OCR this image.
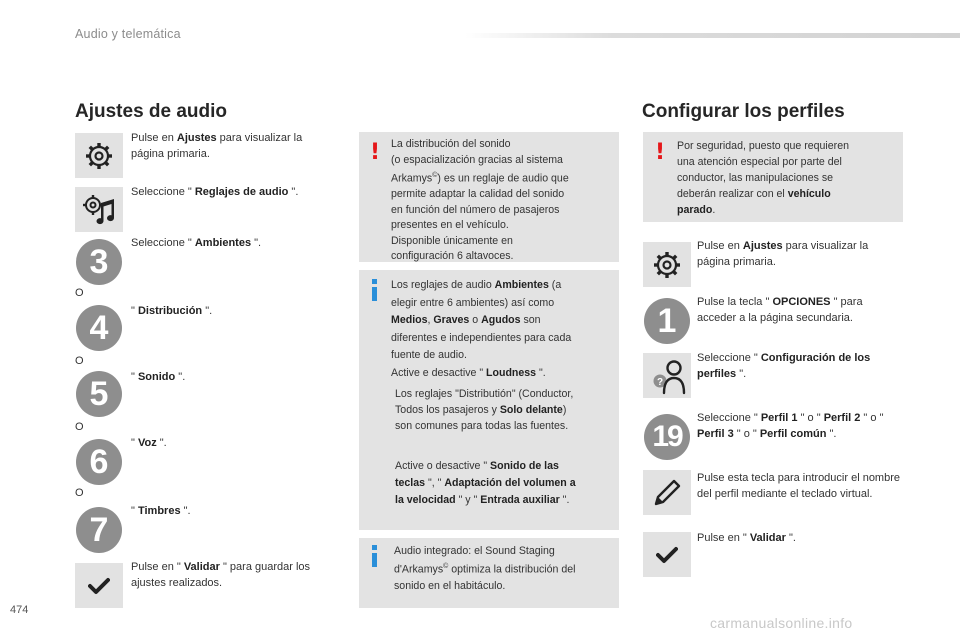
Audio y telemática
Ajustes de audio
Pulse en Ajustes para visualizar la página primaria.
Seleccione " Reglajes de audio ".
3	Seleccione " Ambientes ".
O
4	" Distribución ".
O
5	" Sonido ".
O
6	" Voz ".
O
7	" Timbres ".
Pulse en " Validar " para guardar los ajustes realizados.
! La distribución del sonido
(o espacialización gracias al sistema
Arkamys©) es un reglaje de audio que
permite adaptar la calidad del sonido
en función del número de pasajeros
presentes en el vehículo.
Disponible únicamente en
configuración 6 altavoces.
Los reglajes de audio Ambientes (a
elegir entre 6 ambientes) así como
Medios, Graves o Agudos son
diferentes e independientes para cada
fuente de audio.
Active e desactive " Loudness ".
Los reglajes "Distributión" (Conductor,
Todos los pasajeros y Solo delante)
son comunes para todas las fuentes.
Active o desactive " Sonido de las
teclas ", " Adaptación del volumen a
la velocidad " y " Entrada auxiliar ".
Audio integrado: el Sound Staging
d'Arkamys© optimiza la distribución del
sonido en el habitáculo.
Configurar los perfiles
! Por seguridad, puesto que requieren
una atención especial por parte del
conductor, las manipulaciones se
deberán realizar con el vehículo
parado.
Pulse en Ajustes para visualizar la página primaria.
1	Pulse la tecla " OPCIONES " para acceder a la página secundaria.
?
Seleccione " Configuración de los perfiles ".
19
Seleccione " Perfil 1 " o " Perfil 2 " o " Perfil 3 " o " Perfil común ".
Pulse esta tecla para introducir el nombre del perfil mediante el teclado virtual.
Pulse en " Validar ".
474
carmanualsonline.info
